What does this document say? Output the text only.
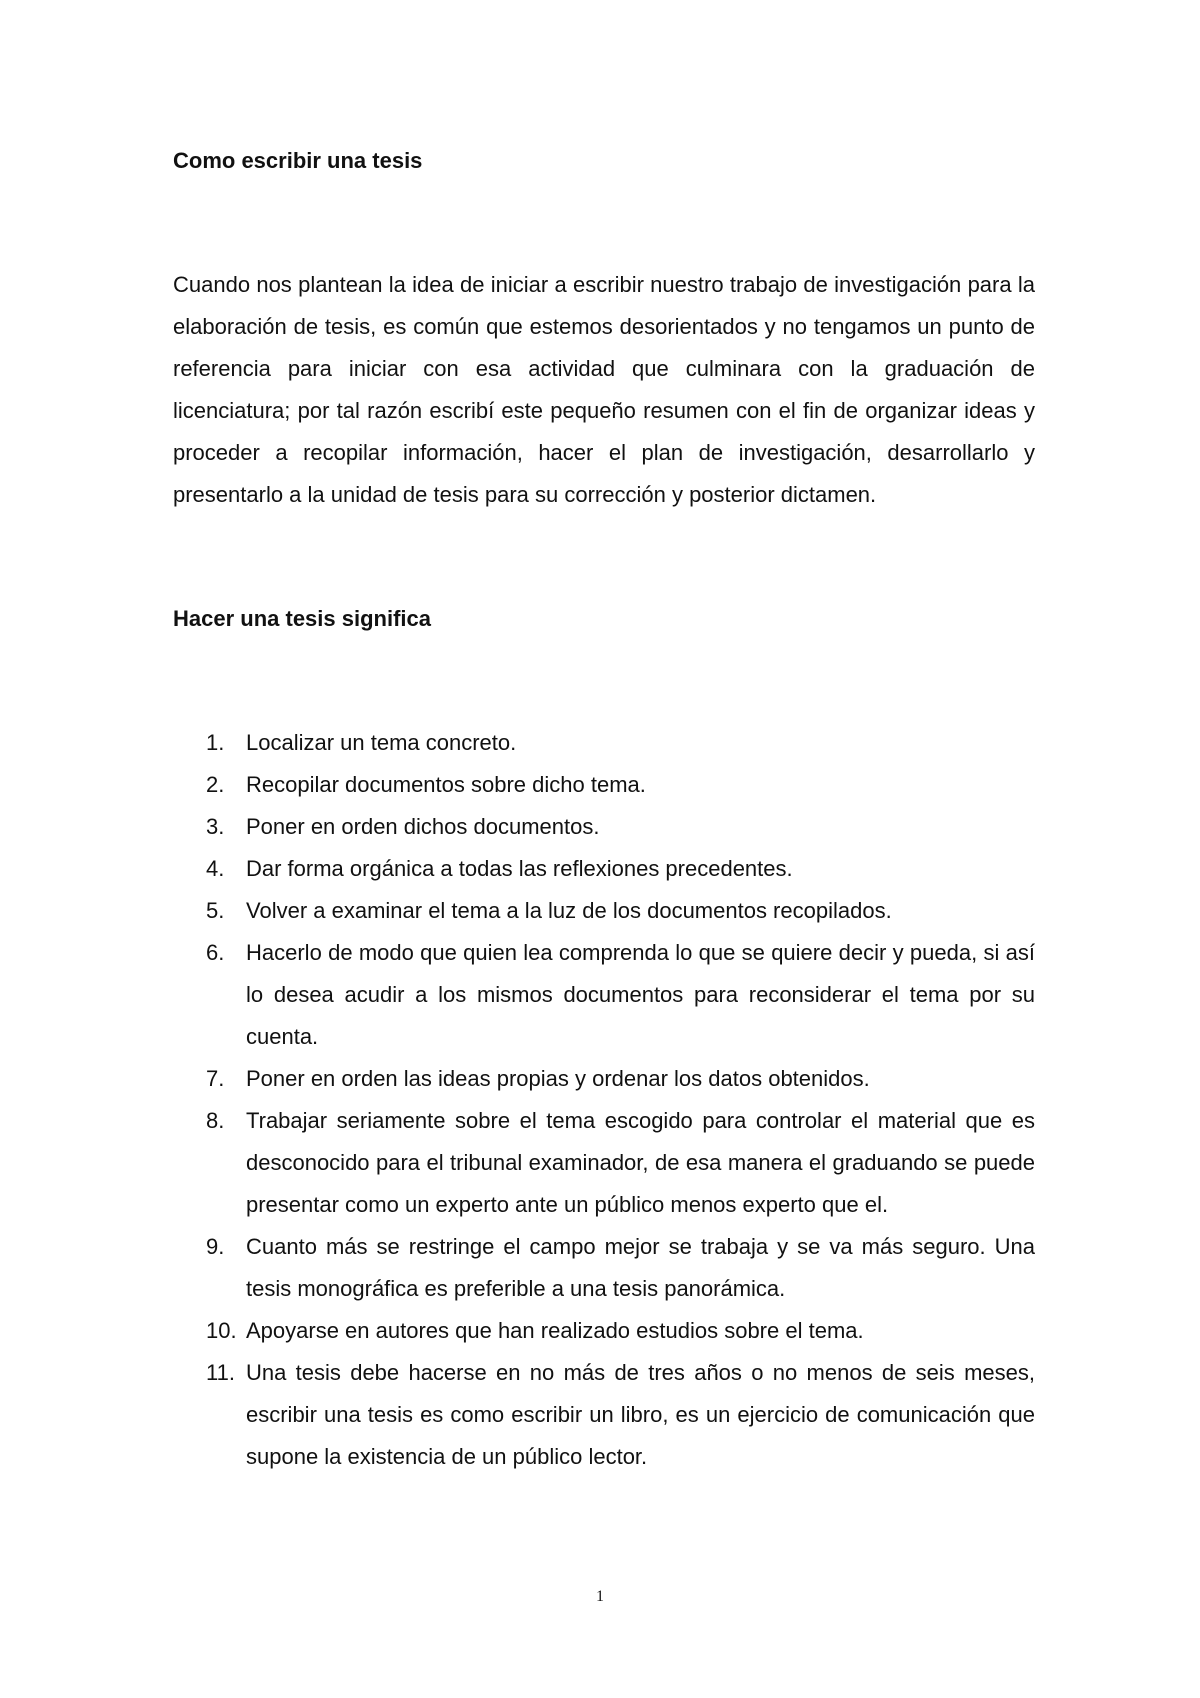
Como escribir una tesis

Cuando nos plantean la idea de iniciar a escribir nuestro trabajo de investigación para la elaboración de tesis, es común que estemos desorientados y no tengamos un punto de referencia para iniciar con esa actividad que culminara con la graduación de licenciatura; por tal razón escribí este pequeño resumen con el fin de organizar ideas y proceder a recopilar información, hacer el plan de investigación, desarrollarlo y presentarlo a la unidad de tesis para su corrección y posterior dictamen.

Hacer una tesis significa
1. Localizar un tema concreto.
2. Recopilar documentos sobre dicho tema.
3. Poner en orden dichos documentos.
4. Dar forma orgánica a todas las reflexiones precedentes.
5. Volver a examinar el tema a la luz de los documentos recopilados.
6. Hacerlo de modo que quien lea comprenda lo que se quiere decir y pueda, si así lo desea acudir a los mismos documentos para reconsiderar el tema por su cuenta.
7. Poner en orden las ideas propias y ordenar los datos obtenidos.
8. Trabajar seriamente sobre el tema escogido para controlar el material que es desconocido para el tribunal examinador, de esa manera el graduando se puede presentar como un experto ante un público menos experto que el.
9. Cuanto más se restringe el campo mejor se trabaja y se va más seguro. Una tesis monográfica es preferible a una tesis panorámica.
10. Apoyarse en autores que han realizado estudios sobre el tema.
11. Una tesis debe hacerse en no más de tres años o no menos de seis meses, escribir una tesis es como escribir un libro, es un ejercicio de comunicación que supone la existencia de un público lector.
1
